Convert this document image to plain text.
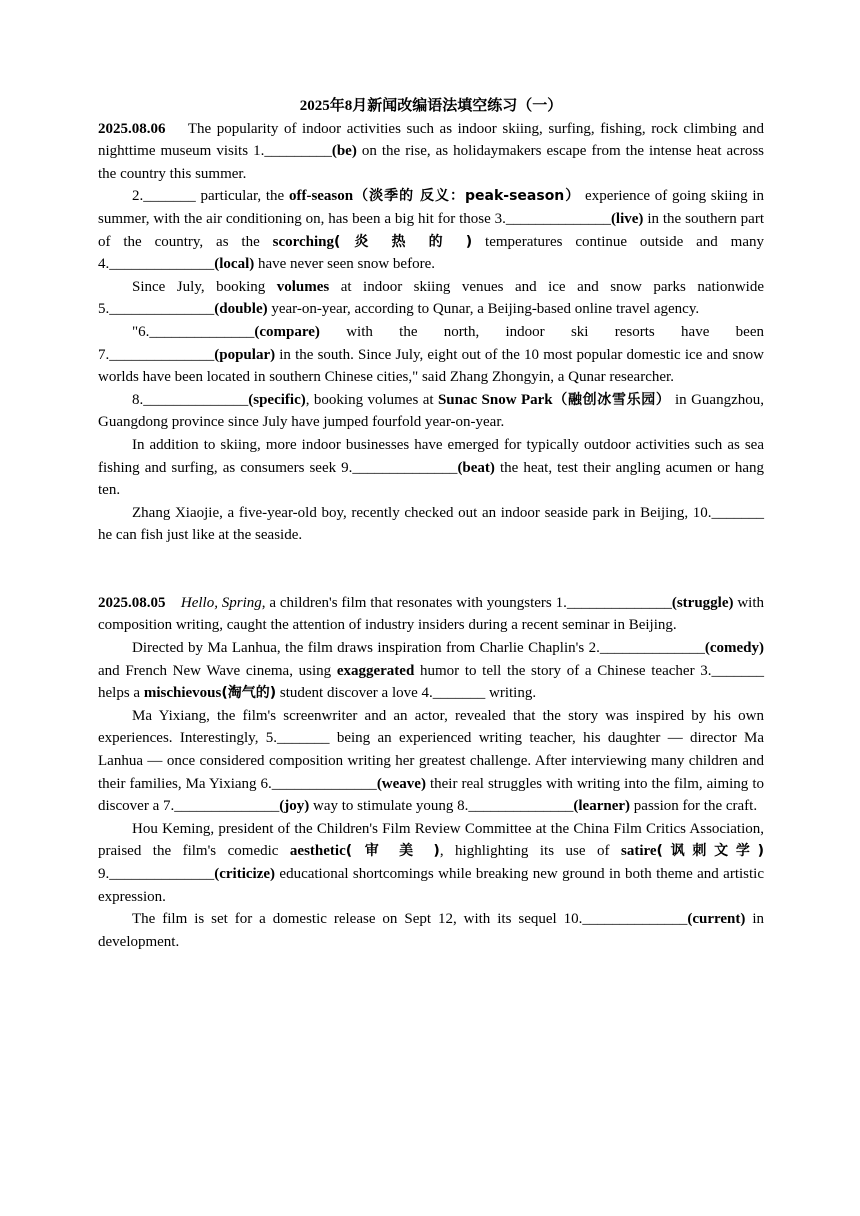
2025年8月新闻改编语法填空练习（一）

2025.08.06 The popularity of indoor activities such as indoor skiing, surfing, fishing, rock climbing and nighttime museum visits 1._________(be) on the rise, as holidaymakers escape from the intense heat across the country this summer.

2._______ particular, the off-season（淡季的 反义：peak-season） experience of going skiing in summer, with the air conditioning on, has been a big hit for those 3.______________(live) in the southern part of the country, as the scorching( 炎 热 的 ) temperatures continue outside and many 4.______________(local) have never seen snow before.

Since July, booking volumes at indoor skiing venues and ice and snow parks nationwide 5.______________(double) year-on-year, according to Qunar, a Beijing-based online travel agency.

"6.______________(compare) with the north, indoor ski resorts have been 7.______________(popular) in the south. Since July, eight out of the 10 most popular domestic ice and snow worlds have been located in southern Chinese cities," said Zhang Zhongyin, a Qunar researcher.

8.______________(specific), booking volumes at Sunac Snow Park（融创冰雪乐园） in Guangzhou, Guangdong province since July have jumped fourfold year-on-year.

In addition to skiing, more indoor businesses have emerged for typically outdoor activities such as sea fishing and surfing, as consumers seek 9.______________(beat) the heat, test their angling acumen or hang ten.

Zhang Xiaojie, a five-year-old boy, recently checked out an indoor seaside park in Beijing, 10._______ he can fish just like at the seaside.

2025.08.05 Hello, Spring, a children's film that resonates with youngsters 1.______________(struggle) with composition writing, caught the attention of industry insiders during a recent seminar in Beijing.

Directed by Ma Lanhua, the film draws inspiration from Charlie Chaplin's 2.______________(comedy) and French New Wave cinema, using exaggerated humor to tell the story of a Chinese teacher 3._______ helps a mischievous(淘气的) student discover a love 4._______ writing.

Ma Yixiang, the film's screenwriter and an actor, revealed that the story was inspired by his own experiences. Interestingly, 5._______ being an experienced writing teacher, his daughter — director Ma Lanhua — once considered composition writing her greatest challenge. After interviewing many children and their families, Ma Yixiang 6.______________(weave) their real struggles with writing into the film, aiming to discover a 7.______________(joy) way to stimulate young 8.______________(learner) passion for the craft.

Hou Keming, president of the Children's Film Review Committee at the China Film Critics Association, praised the film's comedic aesthetic( 审 美 ), highlighting its use of satire(讽刺文学) 9.______________(criticize) educational shortcomings while breaking new ground in both theme and artistic expression.

The film is set for a domestic release on Sept 12, with its sequel 10.______________(current) in development.
